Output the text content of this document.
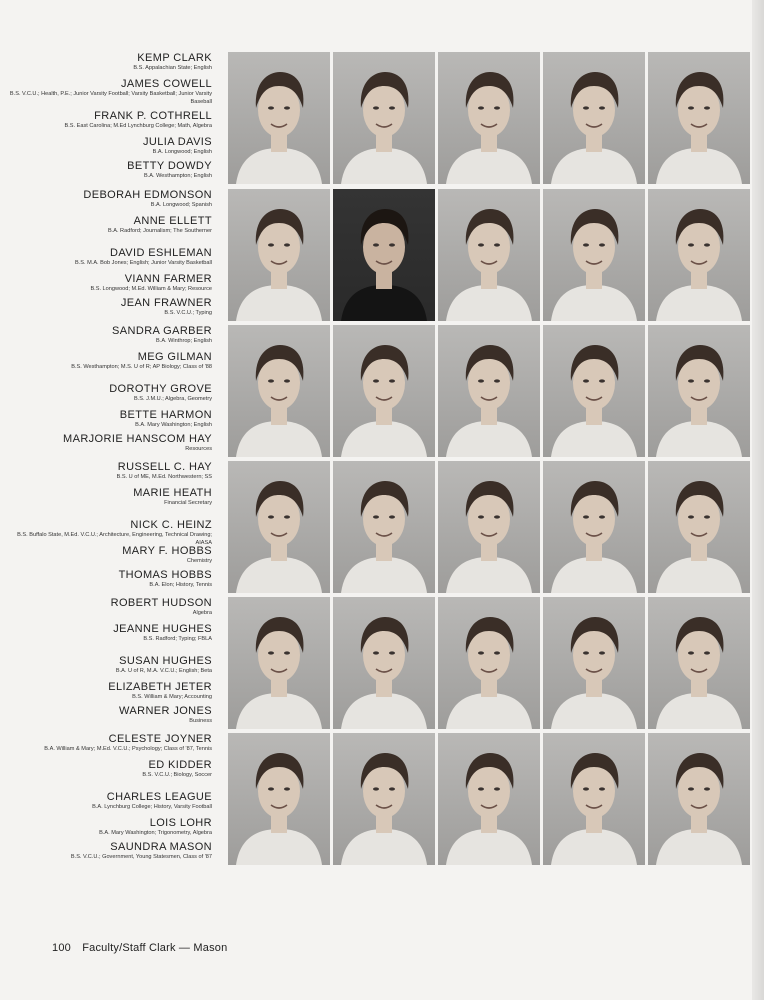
KEMP CLARK
B.S. Appalachian State; English
JAMES COWELL
B.S. V.C.U.; Health, P.E.; Junior Varsity Football; Varsity Basketball; Junior Varsity Baseball
FRANK P. COTHRELL
B.S. East Carolina; M.Ed Lynchburg College; Math, Algebra
JULIA DAVIS
B.A. Longwood; English
BETTY DOWDY
B.A. Westhampton; English
DEBORAH EDMONSON
B.A. Longwood; Spanish
ANNE ELLETT
B.A. Radford; Journalism; The Southerner
DAVID ESHLEMAN
B.S. M.A. Bob Jones; English; Junior Varsity Basketball
VIANN FARMER
B.S. Longwood; M.Ed. William & Mary; Resource
JEAN FRAWNER
B.S. V.C.U.; Typing
SANDRA GARBER
B.A. Winthrop; English
MEG GILMAN
B.S. Westhampton; M.S. U of R; AP Biology; Class of '88
DOROTHY GROVE
B.S. J.M.U.; Algebra, Geometry
BETTE HARMON
B.A. Mary Washington; English
MARJORIE HANSCOM HAY
Resources
RUSSELL C. HAY
B.S. U of ME, M.Ed. Northwestern; SS
MARIE HEATH
Financial Secretary
NICK C. HEINZ
B.S. Buffalo State, M.Ed. V.C.U.; Architecture, Engineering, Technical Drawing; AIASA
MARY F. HOBBS
Chemistry
THOMAS HOBBS
B.A. Elon; History, Tennis
ROBERT HUDSON
Algebra
JEANNE HUGHES
B.S. Radford; Typing; FBLA
SUSAN HUGHES
B.A. U of R, M.A. V.C.U.; English; Beta
ELIZABETH JETER
B.S. William & Mary; Accounting
WARNER JONES
Business
CELESTE JOYNER
B.A. William & Mary; M.Ed. V.C.U.; Psychology; Class of '87, Tennis
ED KIDDER
B.S. V.C.U.; Biology, Soccer
CHARLES LEAGUE
B.A. Lynchburg College; History, Varsity Football
LOIS LOHR
B.A. Mary Washington; Trigonometry, Algebra
SAUNDRA MASON
B.S. V.C.U.; Government, Young Statesmen, Class of '87
100 Faculty/Staff Clark — Mason
